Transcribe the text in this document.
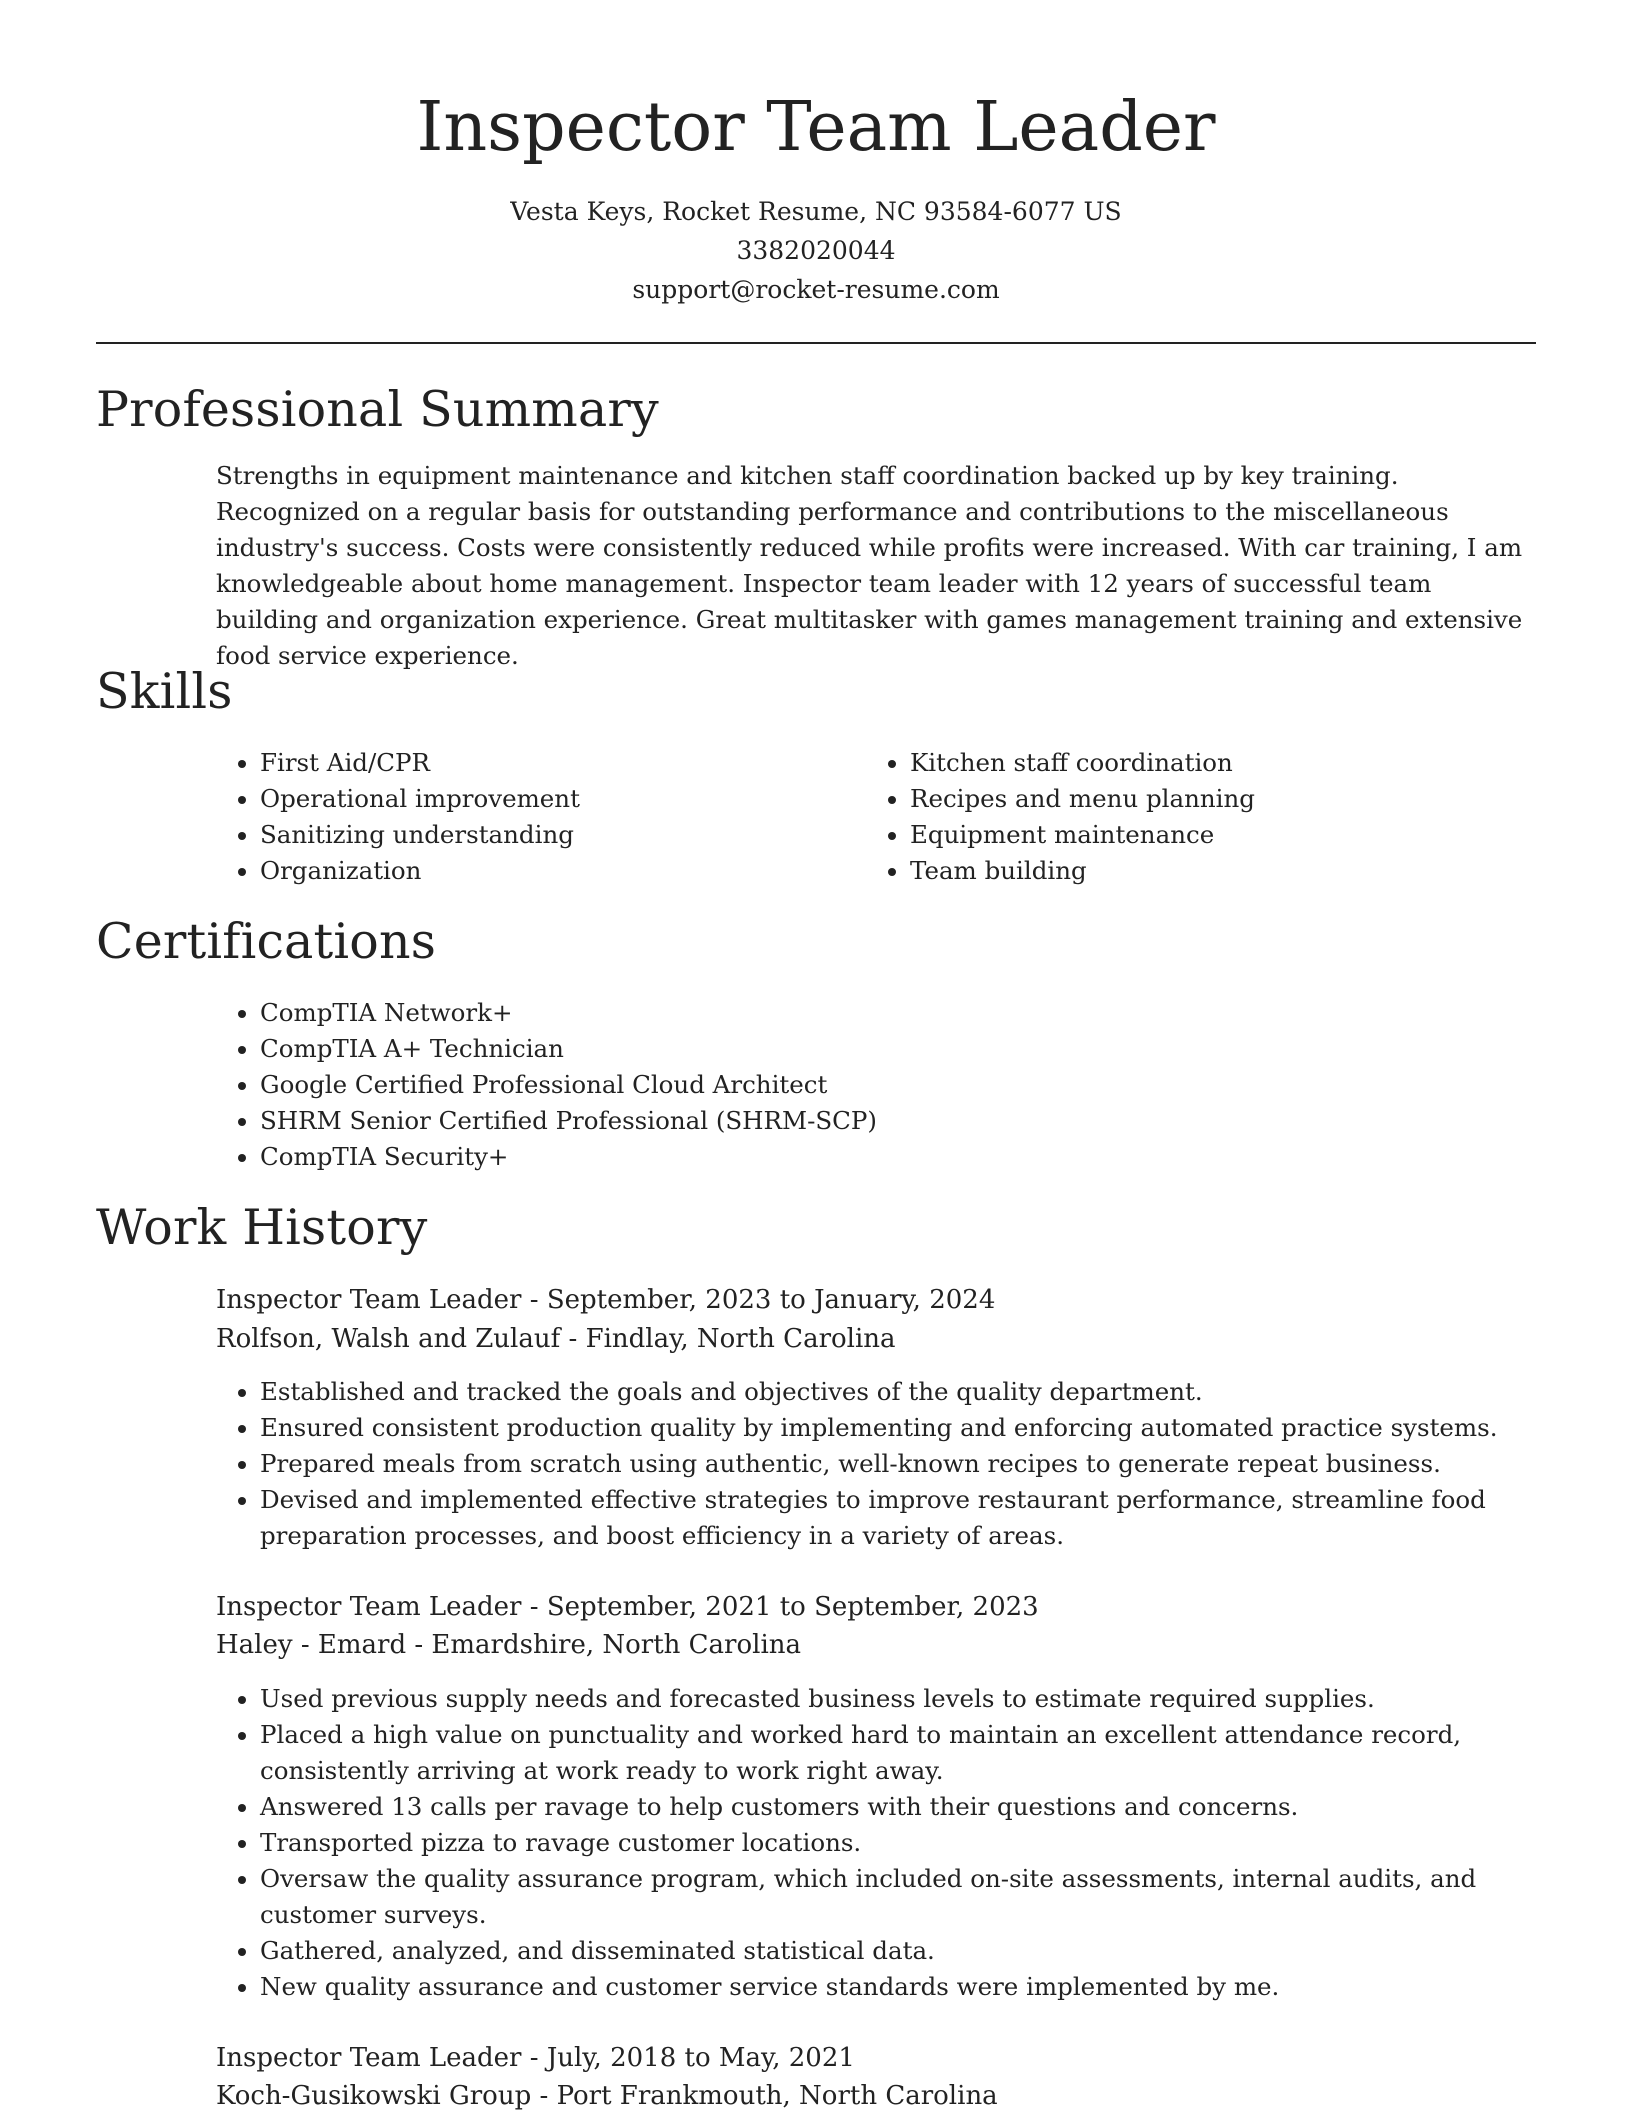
Inspector Team Leader
Vesta Keys, Rocket Resume, NC 93584-6077 US
3382020044
support@rocket-resume.com
Professional Summary

Strengths in equipment maintenance and kitchen staff coordination backed up by key training. Recognized on a regular basis for outstanding performance and contributions to the miscellaneous industry's success. Costs were consistently reduced while profits were increased. With car training, I am knowledgeable about home management. Inspector team leader with 12 years of successful team building and organization experience. Great multitasker with games management training and extensive food service experience.

Skills
• First Aid/CPR
• Operational improvement
• Sanitizing understanding
• Organization
• Kitchen staff coordination
• Recipes and menu planning
• Equipment maintenance
• Team building
Certifications
• CompTIA Network+
• CompTIA A+ Technician
• Google Certified Professional Cloud Architect
• SHRM Senior Certified Professional (SHRM-SCP)
• CompTIA Security+
Work History
Inspector Team Leader - September, 2023 to January, 2024
Rolfson, Walsh and Zulauf - Findlay, North Carolina
• Established and tracked the goals and objectives of the quality department.
• Ensured consistent production quality by implementing and enforcing automated practice systems.
• Prepared meals from scratch using authentic, well-known recipes to generate repeat business.
• Devised and implemented effective strategies to improve restaurant performance, streamline food preparation processes, and boost efficiency in a variety of areas.
Inspector Team Leader - September, 2021 to September, 2023
Haley - Emard - Emardshire, North Carolina
• Used previous supply needs and forecasted business levels to estimate required supplies.
• Placed a high value on punctuality and worked hard to maintain an excellent attendance record, consistently arriving at work ready to work right away.
• Answered 13 calls per ravage to help customers with their questions and concerns.
• Transported pizza to ravage customer locations.
• Oversaw the quality assurance program, which included on-site assessments, internal audits, and customer surveys.
• Gathered, analyzed, and disseminated statistical data.
• New quality assurance and customer service standards were implemented by me.
Inspector Team Leader - July, 2018 to May, 2021
Koch-Gusikowski Group - Port Frankmouth, North Carolina
